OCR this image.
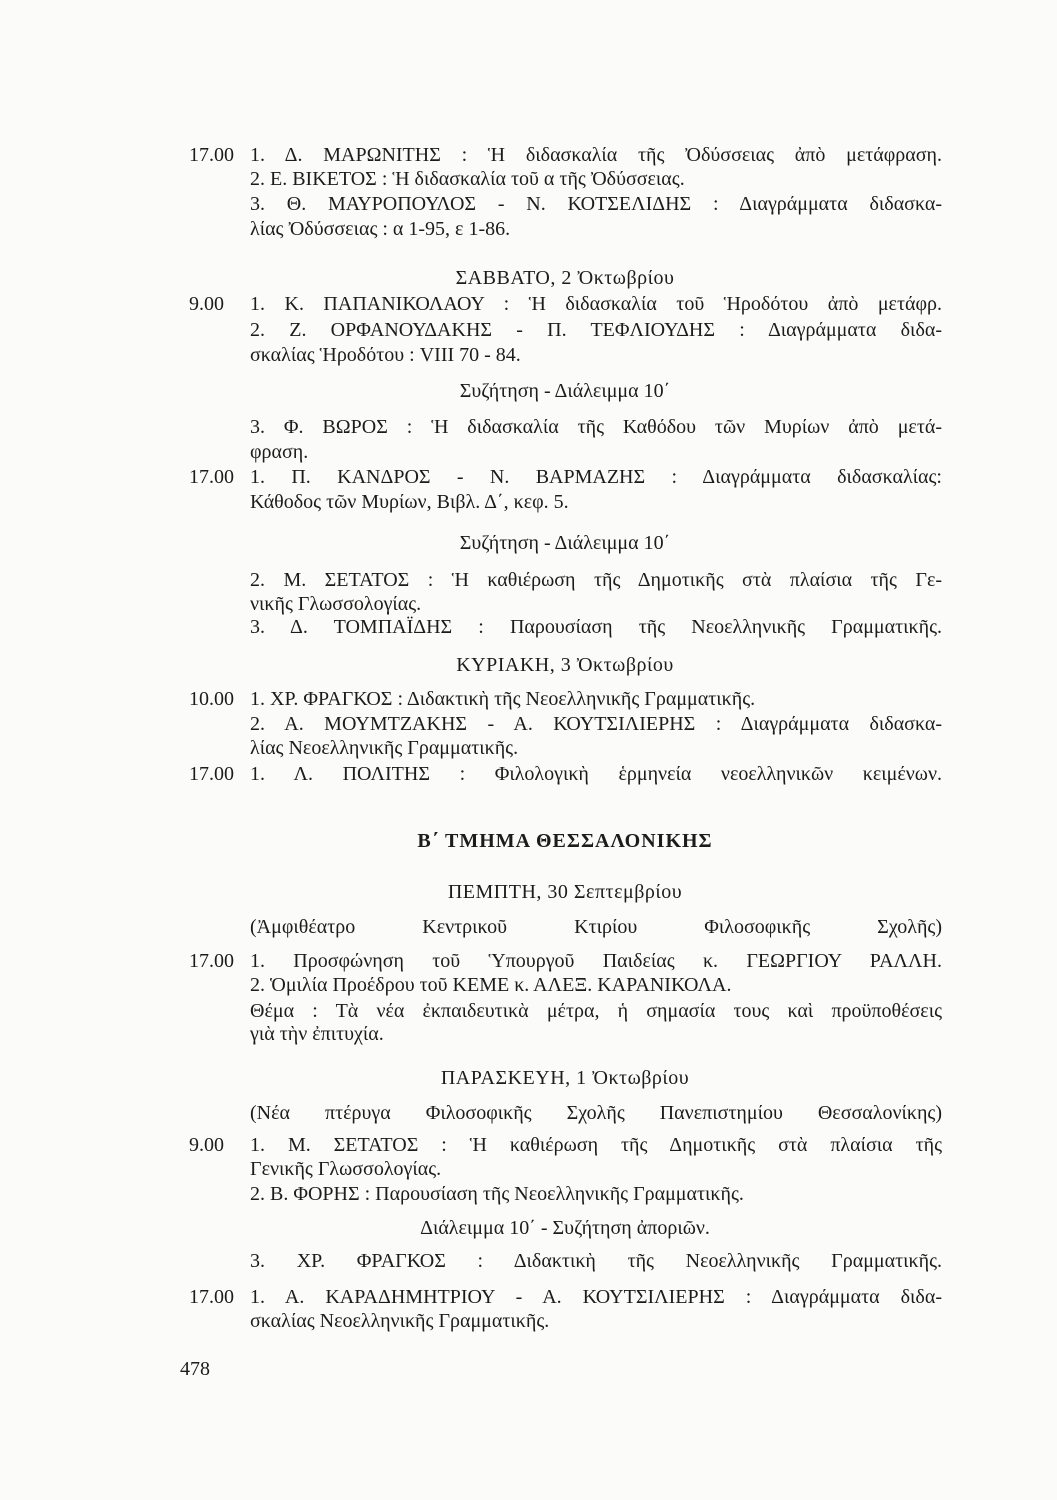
17.00 1. Δ. ΜΑΡΩΝΙΤΗΣ : Ἡ διδασκαλία τῆς Ὀδύσσειας ἀπὸ μετάφραση.
2. Ε. ΒΙΚΕΤΟΣ : Ἡ διδασκαλία τοῦ α τῆς Ὀδύσσειας.
3. Θ. ΜΑΥΡΟΠΟΥΛΟΣ - Ν. ΚΟΤΣΕΛΙΔΗΣ : Διαγράμματα διδασκα-
λίας Ὀδύσσειας : α 1-95, ε 1-86.
ΣΑΒΒΑΤΟ, 2 Ὀκτωβρίου
9.00 1. Κ. ΠΑΠΑΝΙΚΟΛΑΟΥ : Ἡ διδασκαλία τοῦ Ἡροδότου ἀπὸ μετάφρ.
2. Ζ. ΟΡΦΑΝΟΥΔΑΚΗΣ - Π. ΤΕΦΛΙΟΥΔΗΣ : Διαγράμματα διδα-
σκαλίας Ἡροδότου : VIII 70 - 84.
Συζήτηση - Διάλειμμα 10΄
3. Φ. ΒΩΡΟΣ : Ἡ διδασκαλία τῆς Καθόδου τῶν Μυρίων ἀπὸ μετά-
φραση.
17.00 1. Π. ΚΑΝΔΡΟΣ - Ν. ΒΑΡΜΑΖΗΣ : Διαγράμματα διδασκαλίας:
Κάθοδος τῶν Μυρίων, Βιβλ. Δ΄, κεφ. 5.
Συζήτηση - Διάλειμμα 10΄
2. Μ. ΣΕΤΑΤΟΣ : Ἡ καθιέρωση τῆς Δημοτικῆς στὰ πλαίσια τῆς Γε-
νικῆς Γλωσσολογίας.
3. Δ. ΤΟΜΠΑΪΔΗΣ : Παρουσίαση τῆς Νεοελληνικῆς Γραμματικῆς.
ΚΥΡΙΑΚΗ, 3 Ὀκτωβρίου
10.00 1. ΧΡ. ΦΡΑΓΚΟΣ : Διδακτικὴ τῆς Νεοελληνικῆς Γραμματικῆς.
2. Α. ΜΟΥΜΤΖΑΚΗΣ - Α. ΚΟΥΤΣΙΛΙΕΡΗΣ : Διαγράμματα διδασκα-
λίας Νεοελληνικῆς Γραμματικῆς.
17.00 1. Λ. ΠΟΛΙΤΗΣ : Φιλολογικὴ ἑρμηνεία νεοελληνικῶν κειμένων.
Β΄ ΤΜΗΜΑ ΘΕΣΣΑΛΟΝΙΚΗΣ
ΠΕΜΠΤΗ, 30 Σεπτεμβρίου
(Ἀμφιθέατρο Κεντρικοῦ Κτιρίου Φιλοσοφικῆς Σχολῆς)
17.00 1. Προσφώνηση τοῦ Ὑπουργοῦ Παιδείας κ. ΓΕΩΡΓΙΟΥ ΡΑΛΛΗ.
2. Ὁμιλία Προέδρου τοῦ ΚΕΜΕ κ. ΑΛΕΞ. ΚΑΡΑΝΙΚΟΛΑ.
Θέμα : Τὰ νέα ἐκπαιδευτικὰ μέτρα, ἡ σημασία τους καὶ προϋποθέσεις
γιὰ τὴν ἐπιτυχία.
ΠΑΡΑΣΚΕΥΗ, 1 Ὀκτωβρίου
(Νέα πτέρυγα Φιλοσοφικῆς Σχολῆς Πανεπιστημίου Θεσσαλονίκης)
9.00 1. Μ. ΣΕΤΑΤΟΣ : Ἡ καθιέρωση τῆς Δημοτικῆς στὰ πλαίσια τῆς
Γενικῆς Γλωσσολογίας.
2. Β. ΦΟΡΗΣ : Παρουσίαση τῆς Νεοελληνικῆς Γραμματικῆς.
Διάλειμμα 10΄ - Συζήτηση ἀποριῶν.
3. ΧΡ. ΦΡΑΓΚΟΣ : Διδακτικὴ τῆς Νεοελληνικῆς Γραμματικῆς.
17.00 1. Α. ΚΑΡΑΔΗΜΗΤΡΙΟΥ - Α. ΚΟΥΤΣΙΛΙΕΡΗΣ : Διαγράμματα διδα-
σκαλίας Νεοελληνικῆς Γραμματικῆς.
478
